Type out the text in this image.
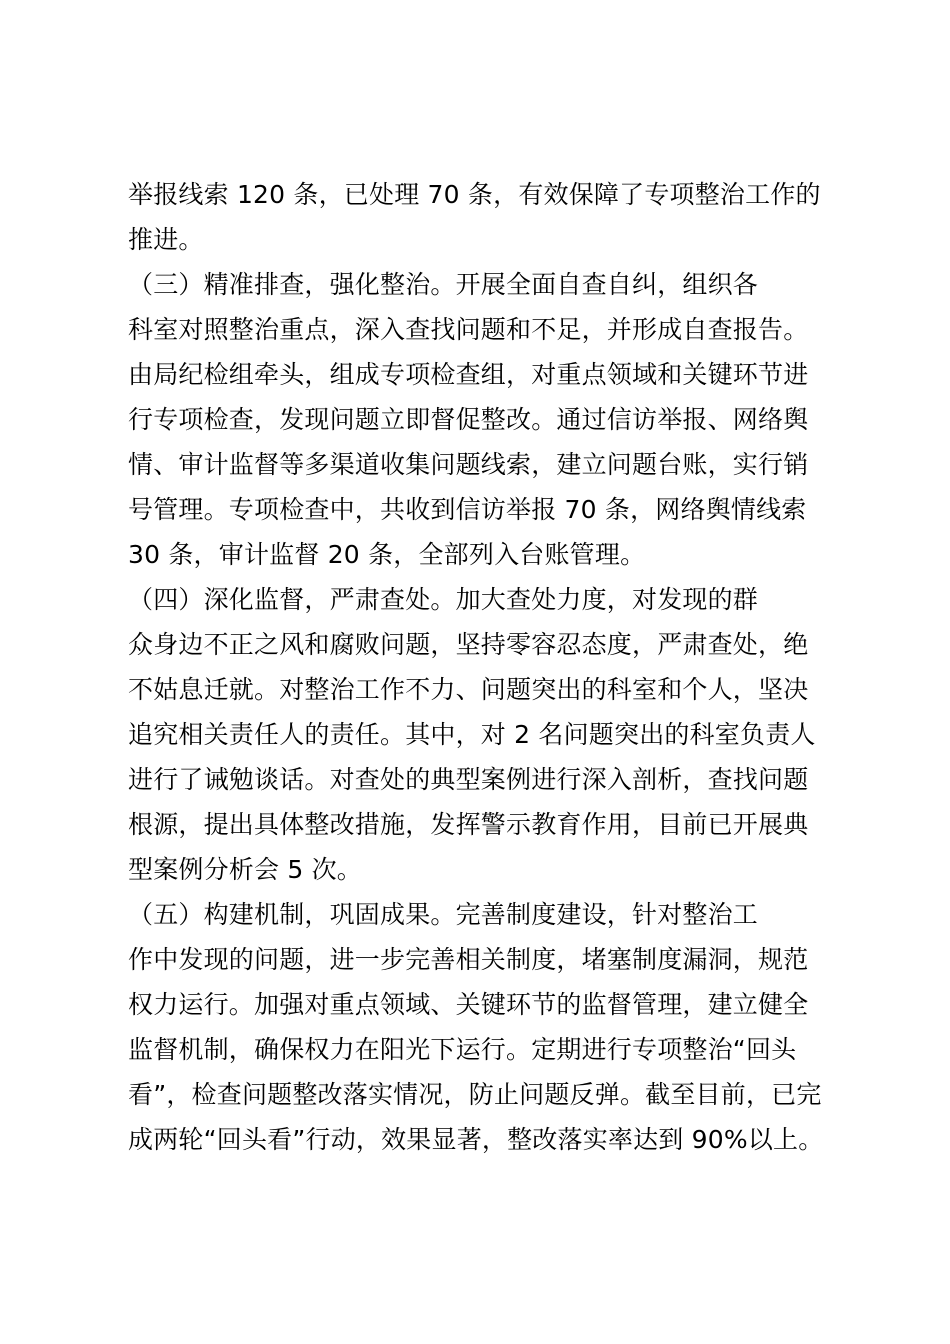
举报线索 120 条，已处理 70 条，有效保障了专项整治工作的
推进。
（三）精准排查，强化整治。开展全面自查自纠，组织各
科室对照整治重点，深入查找问题和不足，并形成自查报告。
由局纪检组牵头，组成专项检查组，对重点领域和关键环节进
行专项检查，发现问题立即督促整改。通过信访举报、网络舆
情、审计监督等多渠道收集问题线索，建立问题台账，实行销
号管理。专项检查中，共收到信访举报 70 条，网络舆情线索
30 条，审计监督 20 条，全部列入台账管理。
（四）深化监督，严肃查处。加大查处力度，对发现的群
众身边不正之风和腐败问题，坚持零容忍态度，严肃查处，绝
不姑息迁就。对整治工作不力、问题突出的科室和个人，坚决
追究相关责任人的责任。其中，对 2 名问题突出的科室负责人
进行了诫勉谈话。对查处的典型案例进行深入剖析，查找问题
根源，提出具体整改措施，发挥警示教育作用，目前已开展典
型案例分析会 5 次。
（五）构建机制，巩固成果。完善制度建设，针对整治工
作中发现的问题，进一步完善相关制度，堵塞制度漏洞，规范
权力运行。加强对重点领域、关键环节的监督管理，建立健全
监督机制，确保权力在阳光下运行。定期进行专项整治“回头
看”，检查问题整改落实情况，防止问题反弹。截至目前，已完
成两轮“回头看”行动，效果显著，整改落实率达到 90%以上。
